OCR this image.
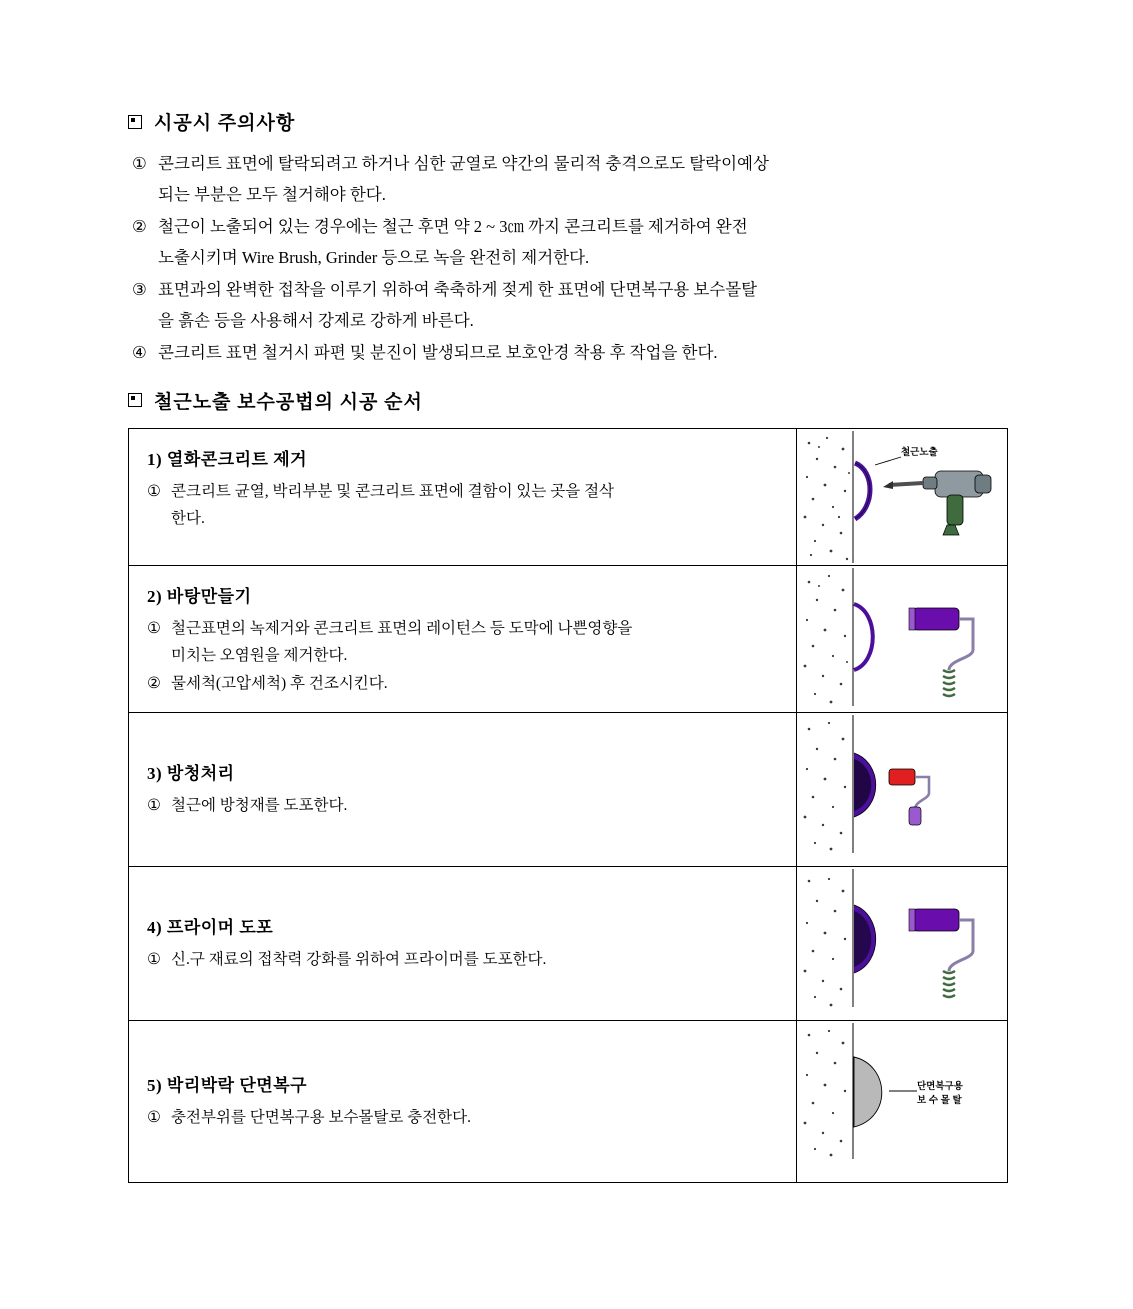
시공시 주의사항
① 콘크리트 표면에 탈락되려고 하거나 심한 균열로 약간의 물리적 충격으로도 탈락이예상
되는 부분은 모두 철거해야 한다.
② 철근이 노출되어 있는 경우에는 철근 후면 약 2 ~ 3㎝ 까지 콘크리트를 제거하여 완전
노출시키며 Wire Brush, Grinder 등으로 녹을 완전히 제거한다.
③ 표면과의 완벽한 접착을 이루기 위하여 축축하게 젖게 한 표면에 단면복구용 보수몰탈
을 흙손 등을 사용해서 강제로 강하게 바른다.
④ 콘크리트 표면 철거시 파편 및 분진이 발생되므로 보호안경 착용 후 작업을 한다.
철근노출 보수공법의 시공 순서
1) 열화콘크리트 제거
① 콘크리트 균열, 박리부분 및 콘크리트 표면에 결함이 있는 곳을 절삭
한다.

철근노출

2) 바탕만들기
① 철근표면의 녹제거와 콘크리트 표면의 레이턴스 등 도막에 나쁜영향을
미치는 오염원을 제거한다.
② 물세척(고압세척) 후 건조시킨다.

3) 방청처리
① 철근에 방청재를 도포한다.

4) 프라이머 도포
① 신.구 재료의 접착력 강화를 위하여 프라이머를 도포한다.

5) 박리박락 단면복구
① 충전부위를 단면복구용 보수몰탈로 충전한다.

단면복구용
보 수 몰 탈
